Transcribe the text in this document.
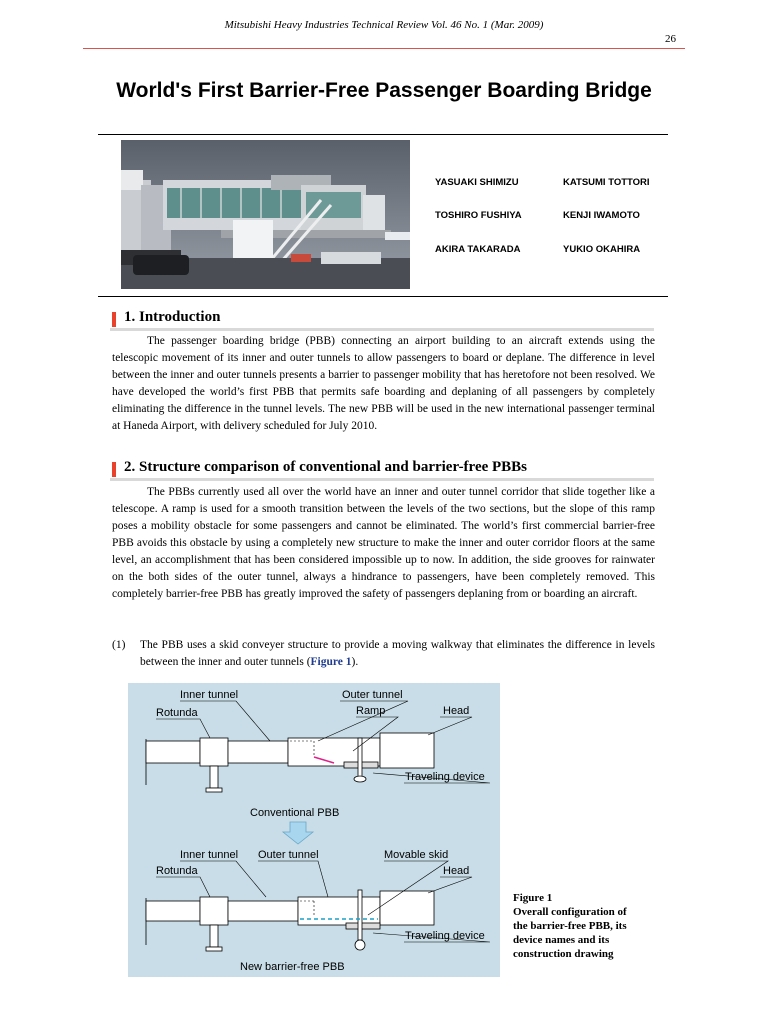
Mitsubishi Heavy Industries Technical Review Vol. 46 No. 1 (Mar. 2009)
26
World's First Barrier-Free Passenger Boarding Bridge
YASUAKI SHIMIZU	KATSUMI TOTTORI
TOSHIRO FUSHIYA	KENJI IWAMOTO
AKIRA TAKARADA	YUKIO OKAHIRA
1. Introduction

The passenger boarding bridge (PBB) connecting an airport building to an aircraft extends using the telescopic movement of its inner and outer tunnels to allow passengers to board or deplane. The difference in level between the inner and outer tunnels presents a barrier to passenger mobility that has heretofore not been resolved. We have developed the world’s first PBB that permits safe boarding and deplaning of all passengers by completely eliminating the difference in the tunnel levels. The new PBB will be used in the new international passenger terminal at Haneda Airport, with delivery scheduled for July 2010.

2. Structure comparison of conventional and barrier-free PBBs

The PBBs currently used all over the world have an inner and outer tunnel corridor that slide together like a telescope. A ramp is used for a smooth transition between the levels of the two sections, but the slope of this ramp poses a mobility obstacle for some passengers and cannot be eliminated. The world’s first commercial barrier-free PBB avoids this obstacle by using a completely new structure to make the inner and outer corridor floors at the same level, an accomplishment that has been considered impossible up to now. In addition, the side grooves for rainwater on the both sides of the outer tunnel, always a hindrance to passengers, have been completely removed. This completely barrier-free PBB has greatly improved the safety of passengers deplaning from or boarding an aircraft.

(1) The PBB uses a skid conveyer structure to provide a moving walkway that eliminates the difference in levels between the inner and outer tunnels (Figure 1).
Inner tunnel	Outer tunnel
Ramp
Rotunda	Head
Traveling device
Conventional PBB
Inner tunnel Outer tunnel	Movable skid
Rotunda	Head
Traveling device
New barrier-free PBB
Figure 1
Overall configuration of the barrier-free PBB, its device names and its construction drawing
